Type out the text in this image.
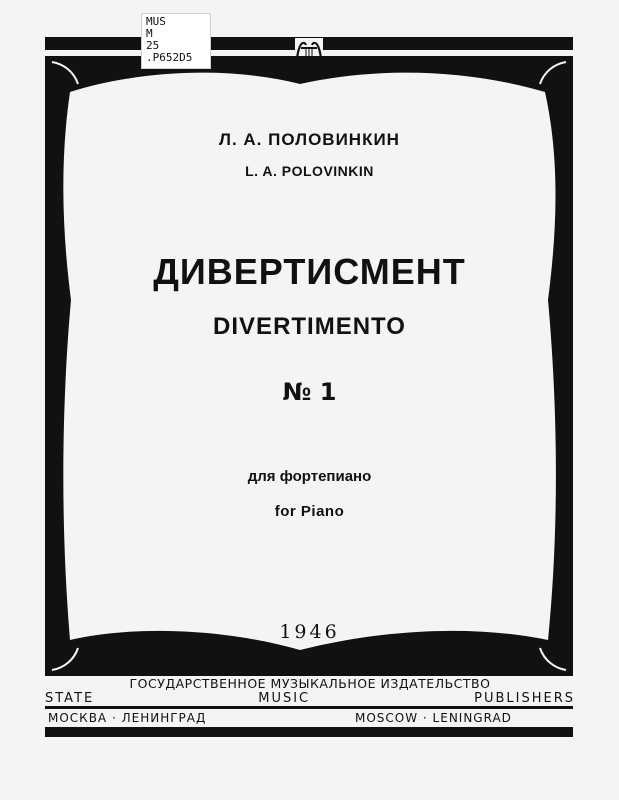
MUS
M
25
.P652D5
Л. А. ПОЛОВИНКИН
L. A. POLOVINKIN
ДИВЕРТИСМЕНТ
DIVERTIMENTO
№ 1
для фортепиано
for Piano
1946
ГОСУДАРСТВЕННОЕ МУЗЫКАЛЬНОЕ ИЗДАТЕЛЬСТВО
STATE MUSIC PUBLISHERS
МОСКВА · ЛЕНИНГРАД	MOSCOW · LENINGRAD
